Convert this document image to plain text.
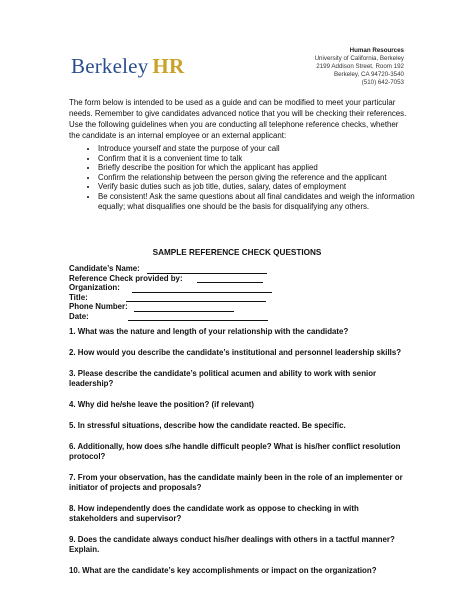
Berkeley HR
Human Resources
University of California, Berkeley
2199 Addison Street, Room 192
Berkeley, CA 94720-3540
(510) 642-7053
The form below is intended to be used as a guide and can be modified to meet your particular needs. Remember to give candidates advanced notice that you will be checking their references. Use the following guidelines when you are conducting all telephone reference checks, whether the candidate is an internal employee or an external applicant:
• Introduce yourself and state the purpose of your call
• Confirm that it is a convenient time to talk
• Briefly describe the position for which the applicant has applied
• Confirm the relationship between the person giving the reference and the applicant
• Verify basic duties such as job title, duties, salary, dates of employment
• Be consistent! Ask the same questions about all final candidates and weigh the information equally; what disqualifies one should be the basis for disqualifying any others.
SAMPLE REFERENCE CHECK QUESTIONS
Candidate’s Name:
Reference Check provided by:
Organization:
Title:
Phone Number:
Date:
1. What was the nature and length of your relationship with the candidate?
2. How would you describe the candidate’s institutional and personnel leadership skills?
3. Please describe the candidate’s political acumen and ability to work with senior leadership?
4. Why did he/she leave the position? (if relevant)
5. In stressful situations, describe how the candidate reacted. Be specific.
6. Additionally, how does s/he handle difficult people? What is his/her conflict resolution protocol?
7. From your observation, has the candidate mainly been in the role of an implementer or initiator of projects and proposals?
8. How independently does the candidate work as oppose to checking in with stakeholders and supervisor?
9. Does the candidate always conduct his/her dealings with others in a tactful manner? Explain.
10. What are the candidate’s key accomplishments or impact on the organization?
